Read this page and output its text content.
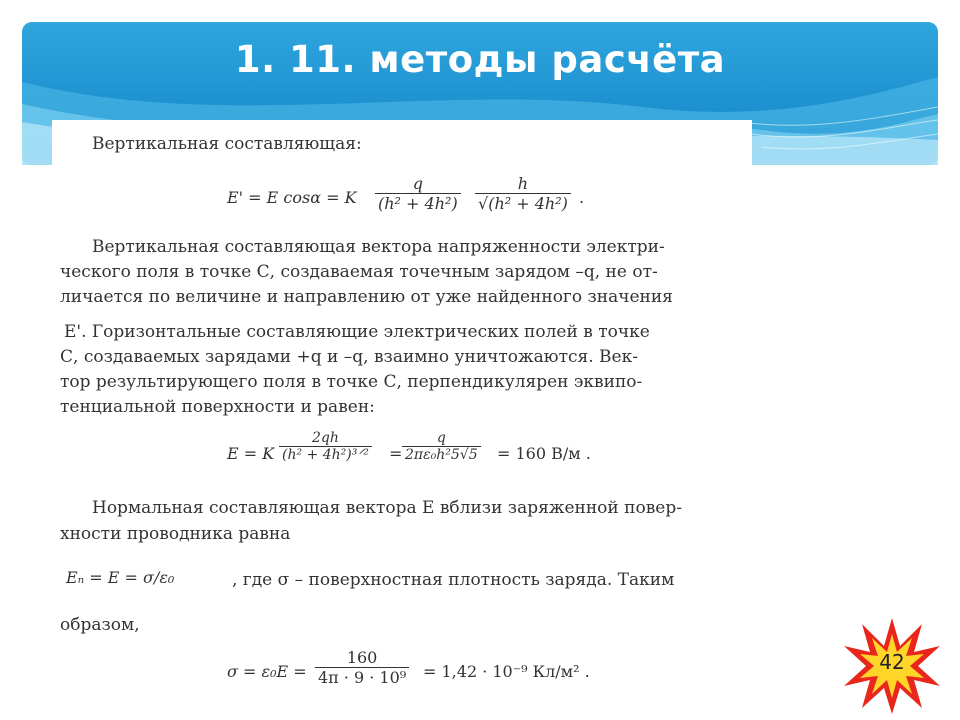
1. 11. методы расчёта
Вертикальная составляющая:
E' = E cosα = K $\frac{q}{\text{(h² + 4h²)}} \frac{h}{\text{√(h² + 4h²)}}$ .
Вертикальная составляющая вектора напряженности электри-
ческого поля в точке С, создаваемая точечным зарядом –q, не от-
личается по величине и направлению от уже найденного значения
E'. Горизонтальные составляющие электрических полей в точке
С, создаваемых зарядами +q и –q, взаимно уничтожаются. Век-
тор результирующего поля в точке С, перпендикулярен эквипо-
тенциальной поверхности и равен:
E = K
2qh
(h² + 4h²)³ᐟ² = $\frac{q}{\text{2πε₀h²5√5}} = 160$ В/м .
Нормальная составляющая вектора E вблизи заряженной повер-
хности проводника равна
Eₙ = E = σ/ε₀	, где σ – поверхностная плотность заряда. Таким
образом,
$\sigma = \varepsilon_0E = \frac{160}{\text{4π · 9 · 10⁹}} = 1,42 \cdot 10^{-9}$ Кл/м² .	42
